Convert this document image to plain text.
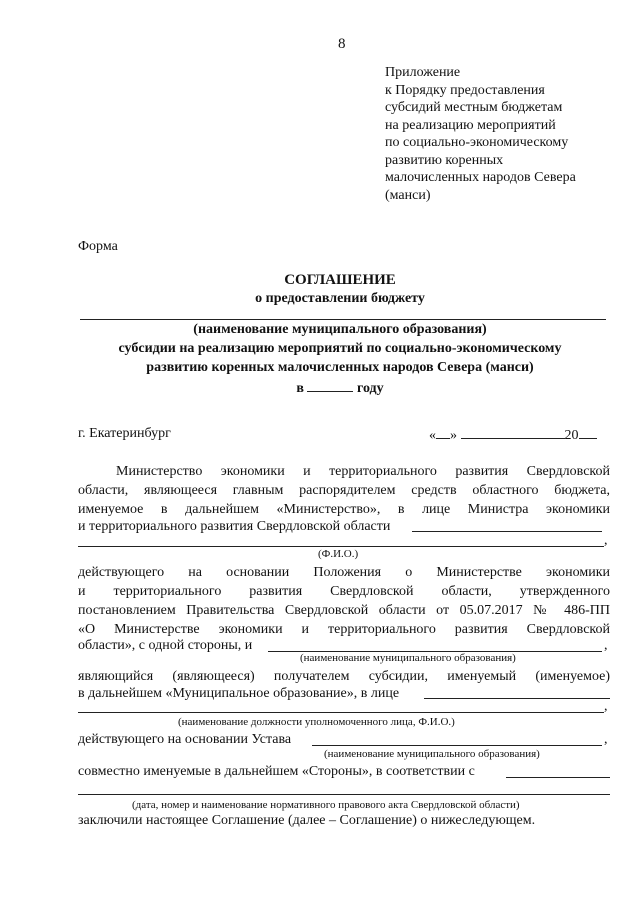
8
Приложение
к Порядку предоставления
субсидий местным бюджетам
на реализацию мероприятий
по социально-экономическому
развитию коренных
малочисленных народов Севера
(манси)
Форма
СОГЛАШЕНИЕ
о предоставлении бюджету
(наименование муниципального образования)
субсидии на реализацию мероприятий по социально-экономическому
развитию коренных малочисленных народов Севера (манси)
в	году
г. Екатеринбург	« »	20
Министерство экономики и территориального развития Свердловской
области, являющееся главным распорядителем средств областного бюджета,
именуемое в дальнейшем «Министерство», в лице Министра экономики
и территориального развития Свердловской области
,
(Ф.И.О.)
действующего на основании Положения о Министерстве экономики
и территориального развития Свердловской области, утвержденного
постановлением Правительства Свердловской области от 05.07.2017 № 486-ПП
«О Министерстве экономики и территориального развития Свердловской
области», с одной стороны, и	,
(наименование муниципального образования)
являющийся (являющееся) получателем субсидии, именуемый (именуемое)
в дальнейшем «Муниципальное образование», в лице
,
(наименование должности уполномоченного лица, Ф.И.О.)
действующего на основании Устава	,
(наименование муниципального образования)
совместно именуемые в дальнейшем «Стороны», в соответствии с
(дата, номер и наименование нормативного правового акта Свердловской области)
заключили настоящее Соглашение (далее – Соглашение) о нижеследующем.
